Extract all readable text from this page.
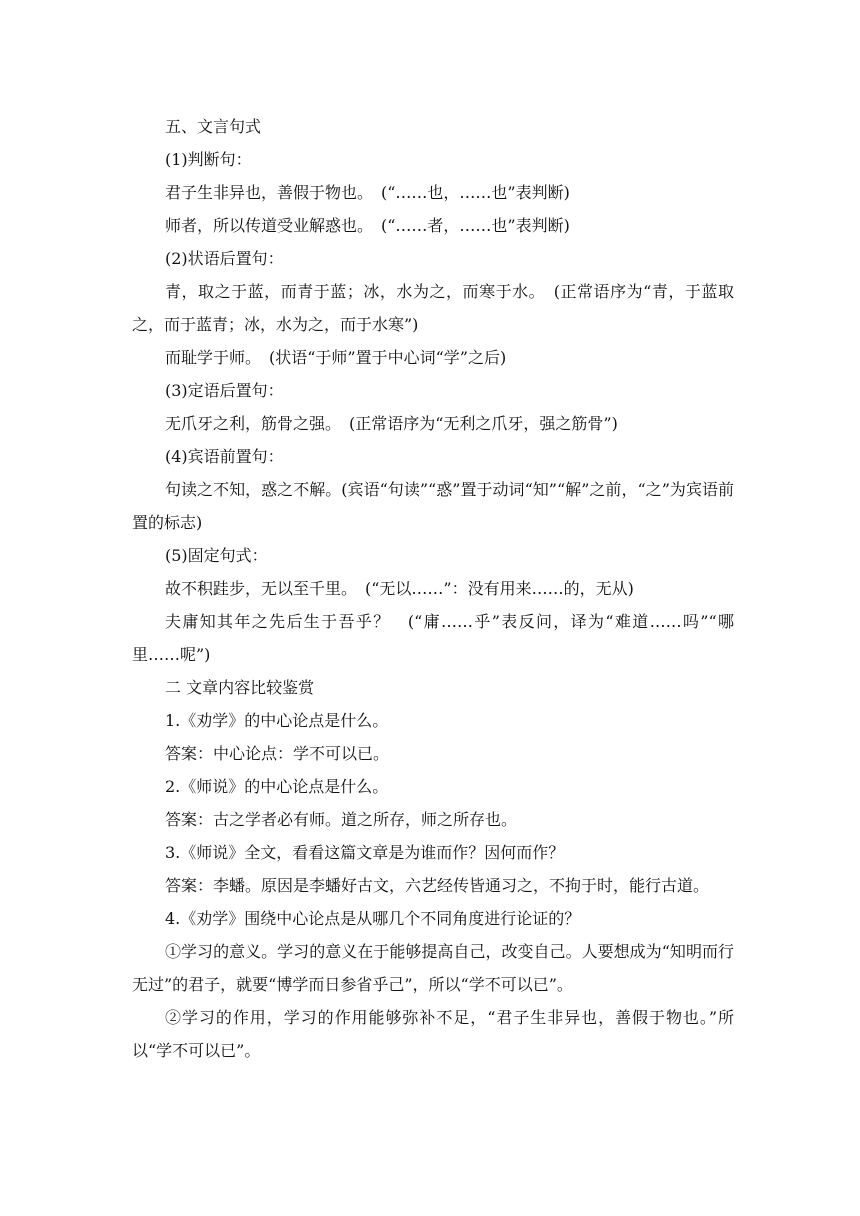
五、文言句式

(1)判断句：

君子生非异也，善假于物也。　(“……也，……也”表判断)

师者，所以传道受业解惑也。　(“……者，……也”表判断)

(2)状语后置句：

青，取之于蓝，而青于蓝；冰，水为之，而寒于水。　(正常语序为“青，于蓝取之，而于蓝青；冰，水为之，而于水寒”)

而耻学于师。　(状语“于师”置于中心词“学”之后)

(3)定语后置句：

无爪牙之利，筋骨之强。　(正常语序为“无利之爪牙，强之筋骨”)

(4)宾语前置句：

句读之不知，惑之不解。(宾语“句读”“惑”置于动词“知”“解”之前，“之”为宾语前置的标志)

(5)固定句式：

故不积跬步，无以至千里。　(“无以……”：没有用来……的，无从)

夫庸知其年之先后生于吾乎？　(“庸……乎”表反问，译为“难道……吗”“哪里……呢”)

二 文章内容比较鉴赏

1.《劝学》的中心论点是什么。

答案：中心论点：学不可以已。

2.《师说》的中心论点是什么。

答案：古之学者必有师。道之所存，师之所存也。

3.《师说》全文，看看这篇文章是为谁而作？因何而作？

答案：李蟠。原因是李蟠好古文，六艺经传皆通习之，不拘于时，能行古道。

4.《劝学》围绕中心论点是从哪几个不同角度进行论证的？

①学习的意义。学习的意义在于能够提高自己，改变自己。人要想成为“知明而行无过”的君子，就要“博学而日参省乎己”，所以“学不可以已”。

②学习的作用，学习的作用能够弥补不足，“君子生非异也，善假于物也。”所以“学不可以已”。
